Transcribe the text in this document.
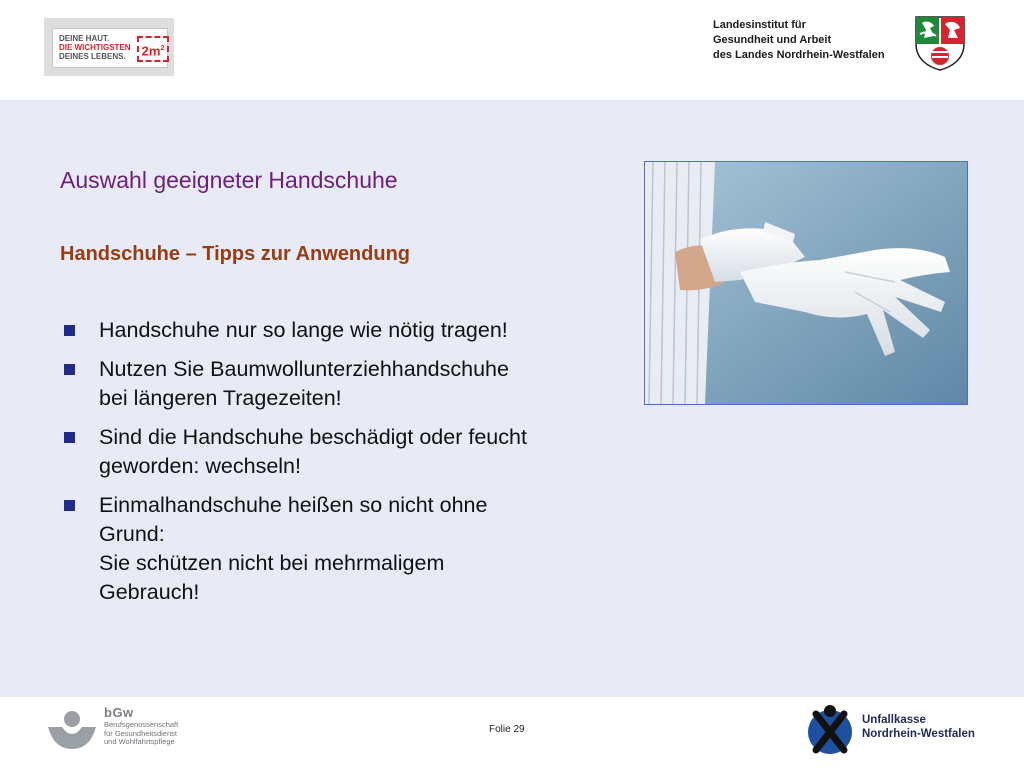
DEINE HAUT.
DIE WICHTIGSTEN
DEINES LEBENS.	$2m^2$
Landesinstitut für
Gesundheit und Arbeit
des Landes Nordrhein-Westfalen
Auswahl geeigneter Handschuhe
Handschuhe – Tipps zur Anwendung
Handschuhe nur so lange wie nötig tragen!
Nutzen Sie Baumwollunterziehhandschuhe
bei längeren Tragezeiten!
Sind die Handschuhe beschädigt oder feucht
geworden: wechseln!
Einmalhandschuhe heißen so nicht ohne
Grund:
Sie schützen nicht bei mehrmaligem
Gebrauch!
bGw
Berufsgenossenschaft
für Gesundheitsdienst
und Wohlfahrtspflege
Folie 29
Unfallkasse
Nordrhein-Westfalen
